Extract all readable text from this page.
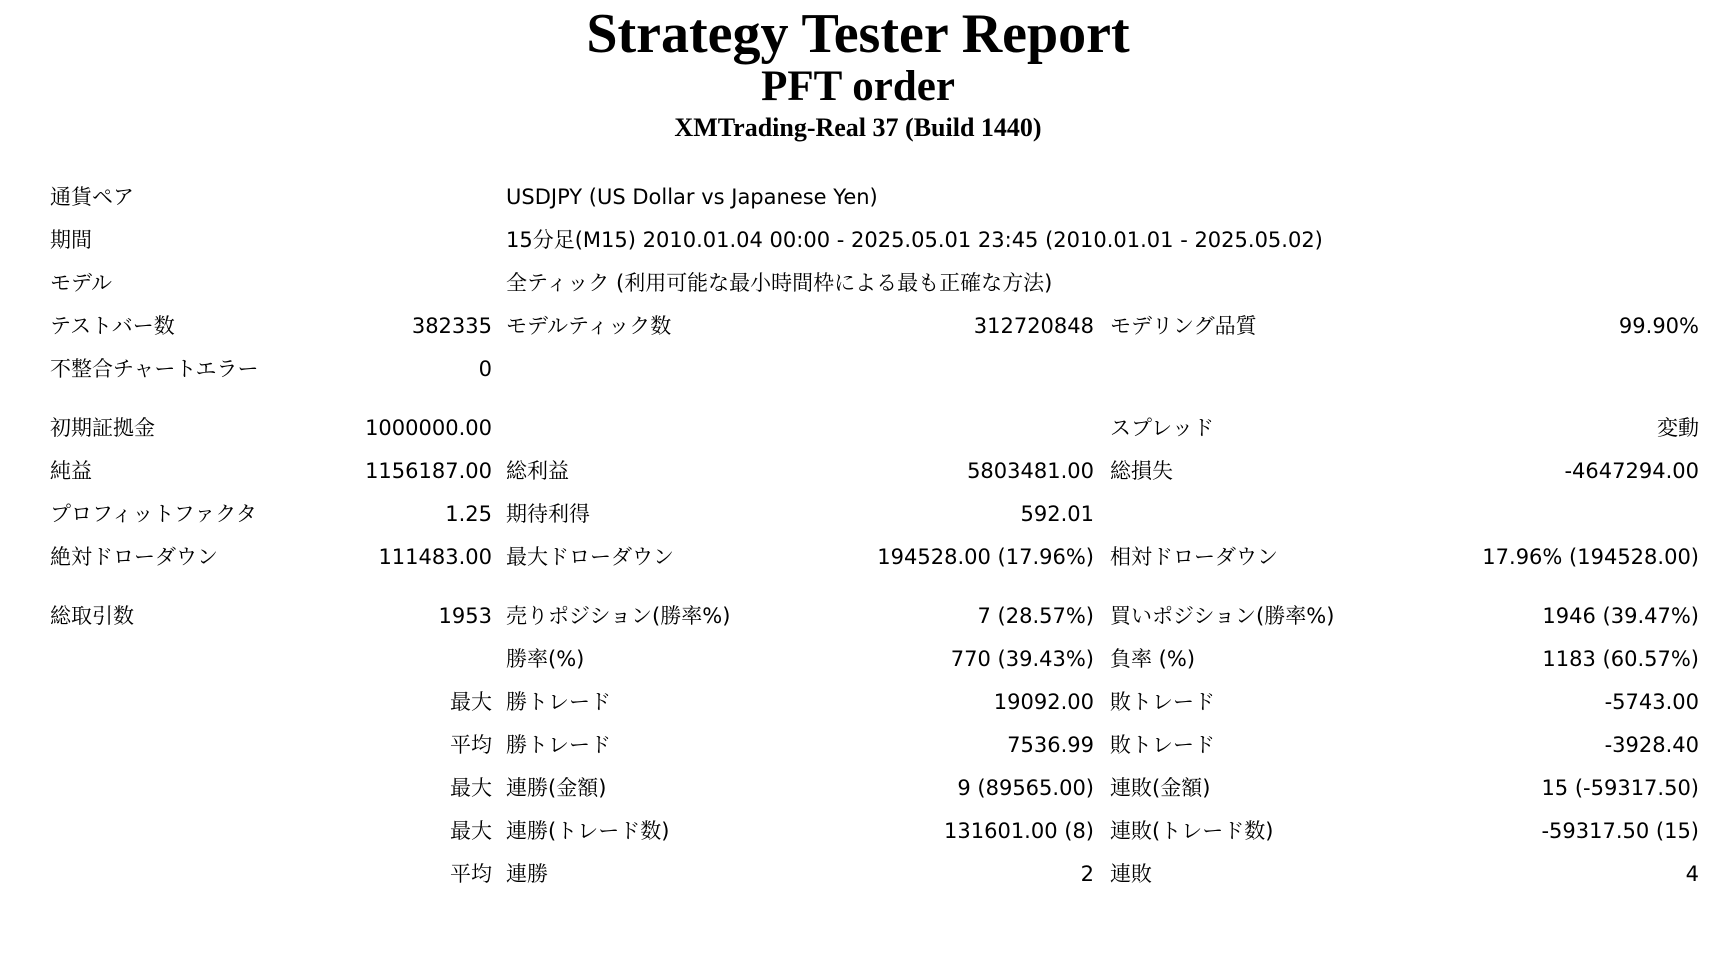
Strategy Tester Report
PFT order
XMTrading-Real 37 (Build 1440)
通貨ペア	USDJPY (US Dollar vs Japanese Yen)
期間	15分足(M15) 2010.01.04 00:00 - 2025.05.01 23:45 (2010.01.01 - 2025.05.02)
モデル	全ティック (利用可能な最小時間枠による最も正確な方法)
テストバー数	382335 モデルティック数	312720848 モデリング品質	99.90%
不整合チャートエラー	0
初期証拠金	1000000.00	スプレッド	変動
純益	1156187.00 総利益	5803481.00 総損失	-4647294.00
プロフィットファクタ	1.25 期待利得	592.01
絶対ドローダウン	111483.00 最大ドローダウン	194528.00 (17.96%) 相対ドローダウン	17.96% (194528.00)
総取引数	1953 売りポジション(勝率%)	7 (28.57%) 買いポジション(勝率%)	1946 (39.47%)
勝率(%)	770 (39.43%) 負率 (%)	1183 (60.57%)
最大 勝トレード	19092.00 敗トレード	-5743.00
平均 勝トレード	7536.99 敗トレード	-3928.40
最大 連勝(金額)	9 (89565.00) 連敗(金額)	15 (-59317.50)
最大 連勝(トレード数)	131601.00 (8) 連敗(トレード数)	-59317.50 (15)
平均 連勝	2 連敗	4
